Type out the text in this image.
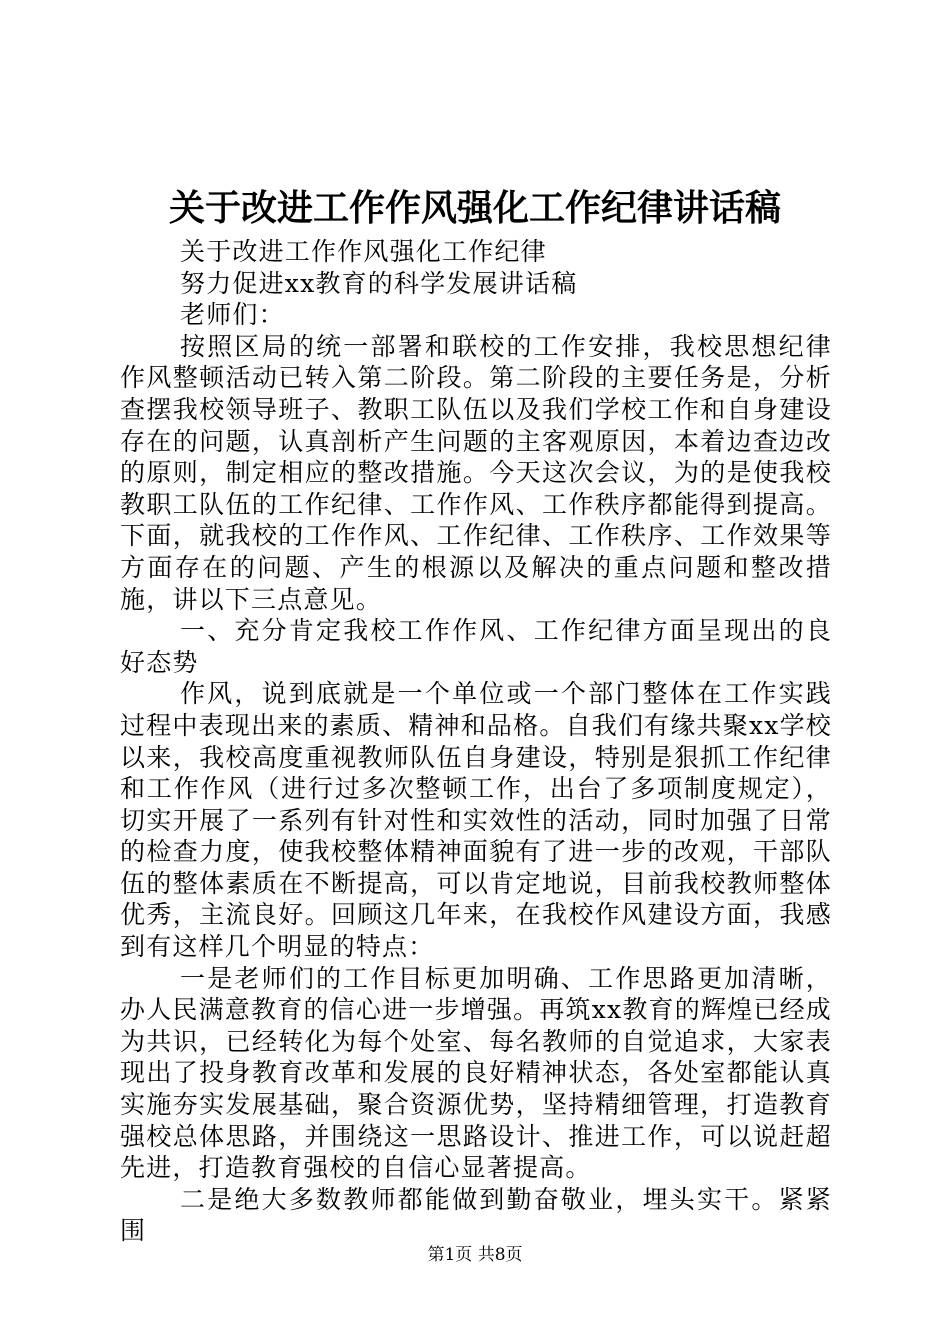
关于改进工作作风强化工作纪律讲话稿

关于改进工作作风强化工作纪律

努力促进xx教育的科学发展讲话稿

老师们：

按照区局的统一部署和联校的工作安排，我校思想纪律作风整顿活动已转入第二阶段。第二阶段的主要任务是，分析查摆我校领导班子、教职工队伍以及我们学校工作和自身建设存在的问题，认真剖析产生问题的主客观原因，本着边查边改的原则，制定相应的整改措施。今天这次会议，为的是使我校教职工队伍的工作纪律、工作作风、工作秩序都能得到提高。下面，就我校的工作作风、工作纪律、工作秩序、工作效果等方面存在的问题、产生的根源以及解决的重点问题和整改措施，讲以下三点意见。

一、充分肯定我校工作作风、工作纪律方面呈现出的良好态势

作风，说到底就是一个单位或一个部门整体在工作实践过程中表现出来的素质、精神和品格。自我们有缘共聚xx学校以来，我校高度重视教师队伍自身建设，特别是狠抓工作纪律和工作作风（进行过多次整顿工作，出台了多项制度规定），切实开展了一系列有针对性和实效性的活动，同时加强了日常的检查力度，使我校整体精神面貌有了进一步的改观，干部队伍的整体素质在不断提高，可以肯定地说，目前我校教师整体优秀，主流良好。回顾这几年来，在我校作风建设方面，我感到有这样几个明显的特点：

一是老师们的工作目标更加明确、工作思路更加清晰，办人民满意教育的信心进一步增强。再筑xx教育的辉煌已经成为共识，已经转化为每个处室、每名教师的自觉追求，大家表现出了投身教育改革和发展的良好精神状态，各处室都能认真实施夯实发展基础，聚合资源优势，坚持精细管理，打造教育强校总体思路，并围绕这一思路设计、推进工作，可以说赶超先进，打造教育强校的自信心显著提高。

二是绝大多数教师都能做到勤奋敬业，埋头实干。紧紧围

第1页 共8页
